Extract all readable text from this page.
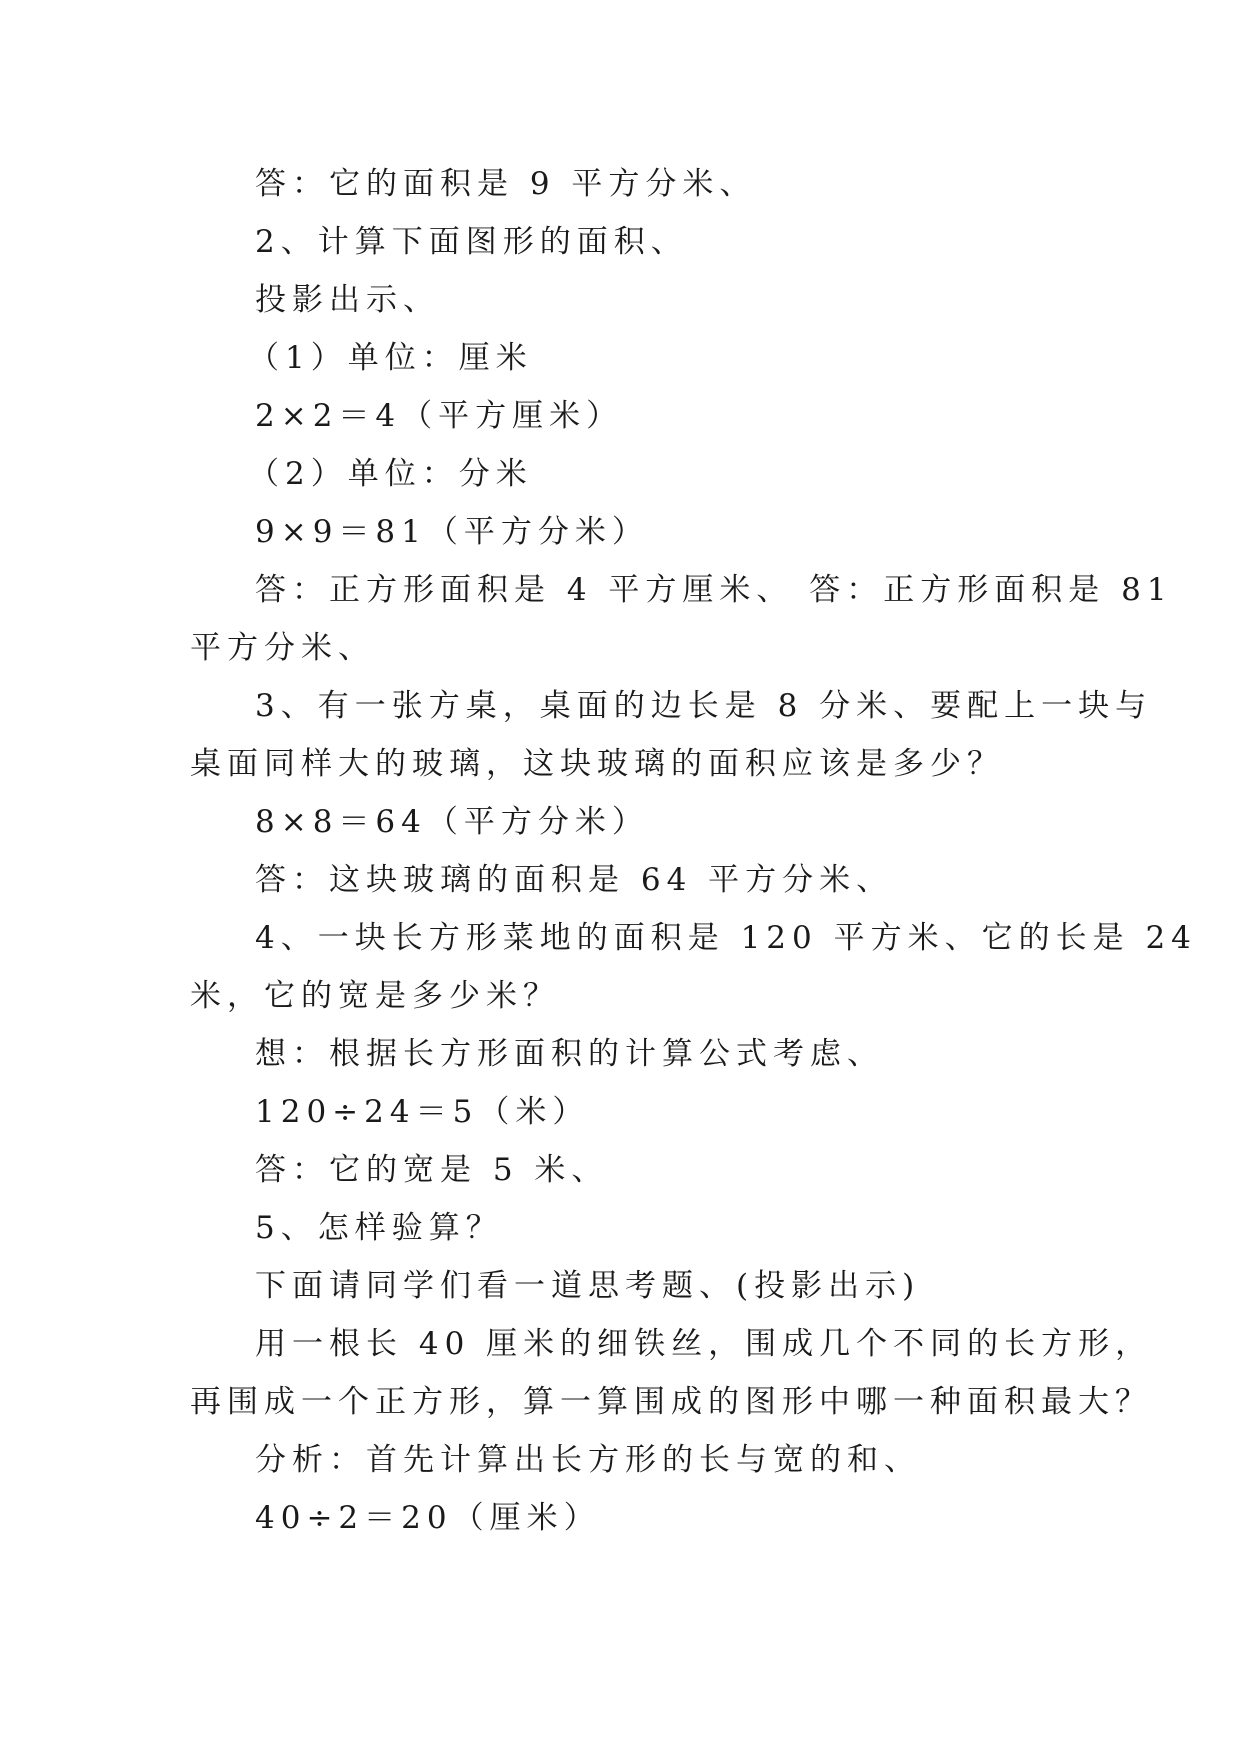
答：它的面积是 9 平方分米、
2、计算下面图形的面积、
投影出示、
（1）单位：厘米
2×2＝4（平方厘米）
（2）单位：分米
9×9＝81（平方分米）
答：正方形面积是 4 平方厘米、 答：正方形面积是 81
平方分米、
3、有一张方桌，桌面的边长是 8 分米、要配上一块与
桌面同样大的玻璃，这块玻璃的面积应该是多少？
8×8＝64（平方分米）
答：这块玻璃的面积是 64 平方分米、
4、一块长方形菜地的面积是 120 平方米、它的长是 24
米，它的宽是多少米？
想：根据长方形面积的计算公式考虑、
120÷24＝5（米）
答：它的宽是 5 米、
5、怎样验算？
下面请同学们看一道思考题、(投影出示)
用一根长 40 厘米的细铁丝，围成几个不同的长方形，
再围成一个正方形，算一算围成的图形中哪一种面积最大？
分析：首先计算出长方形的长与宽的和、
40÷2＝20（厘米）
